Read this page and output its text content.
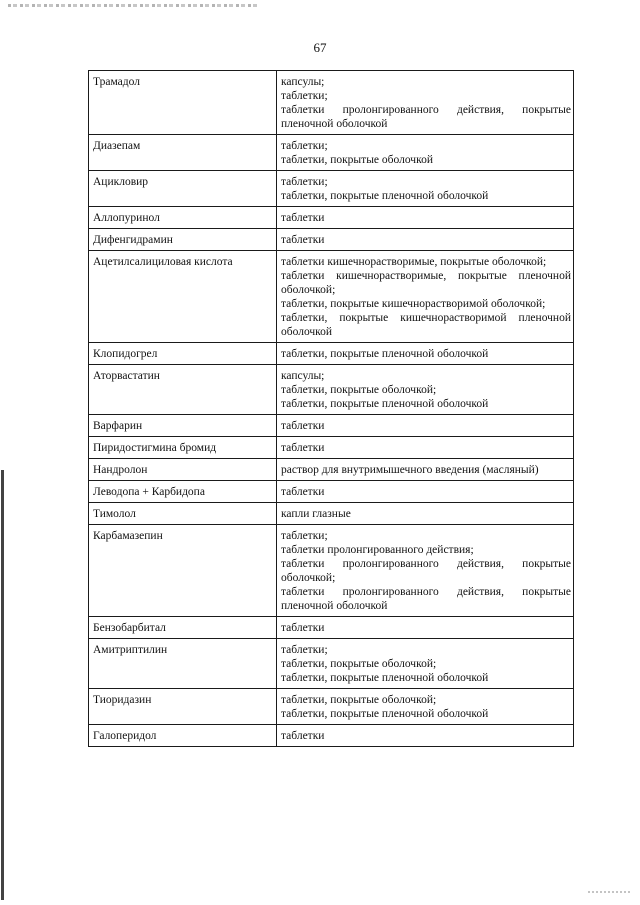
67
Трамадол	капсулы;
таблетки;
таблетки пролонгированного действия, покрытые пленочной оболочкой

Диазепам	таблетки;
таблетки, покрытые оболочкой

Ацикловир	таблетки;
таблетки, покрытые пленочной оболочкой

Аллопуринол	таблетки

Дифенгидрамин	таблетки

Ацетилсалициловая кислота	таблетки кишечнорастворимые, покрытые оболочкой;
таблетки кишечнорастворимые, покрытые пленочной оболочкой;
таблетки, покрытые кишечнорастворимой оболочкой;
таблетки, покрытые кишечнорастворимой пленочной оболочкой

Клопидогрел	таблетки, покрытые пленочной оболочкой

Аторвастатин	капсулы;
таблетки, покрытые оболочкой;
таблетки, покрытые пленочной оболочкой

Варфарин	таблетки

Пиридостигмина бромид	таблетки

Нандролон	раствор для внутримышечного введения (масляный)

Леводопа + Карбидопа	таблетки

Тимолол	капли глазные

Карбамазепин	таблетки;
таблетки пролонгированного действия;
таблетки пролонгированного действия, покрытые оболочкой;
таблетки пролонгированного действия, покрытые пленочной оболочкой

Бензобарбитал	таблетки

Амитриптилин	таблетки;
таблетки, покрытые оболочкой;
таблетки, покрытые пленочной оболочкой

Тиоридазин	таблетки, покрытые оболочкой;
таблетки, покрытые пленочной оболочкой

Галоперидол	таблетки
